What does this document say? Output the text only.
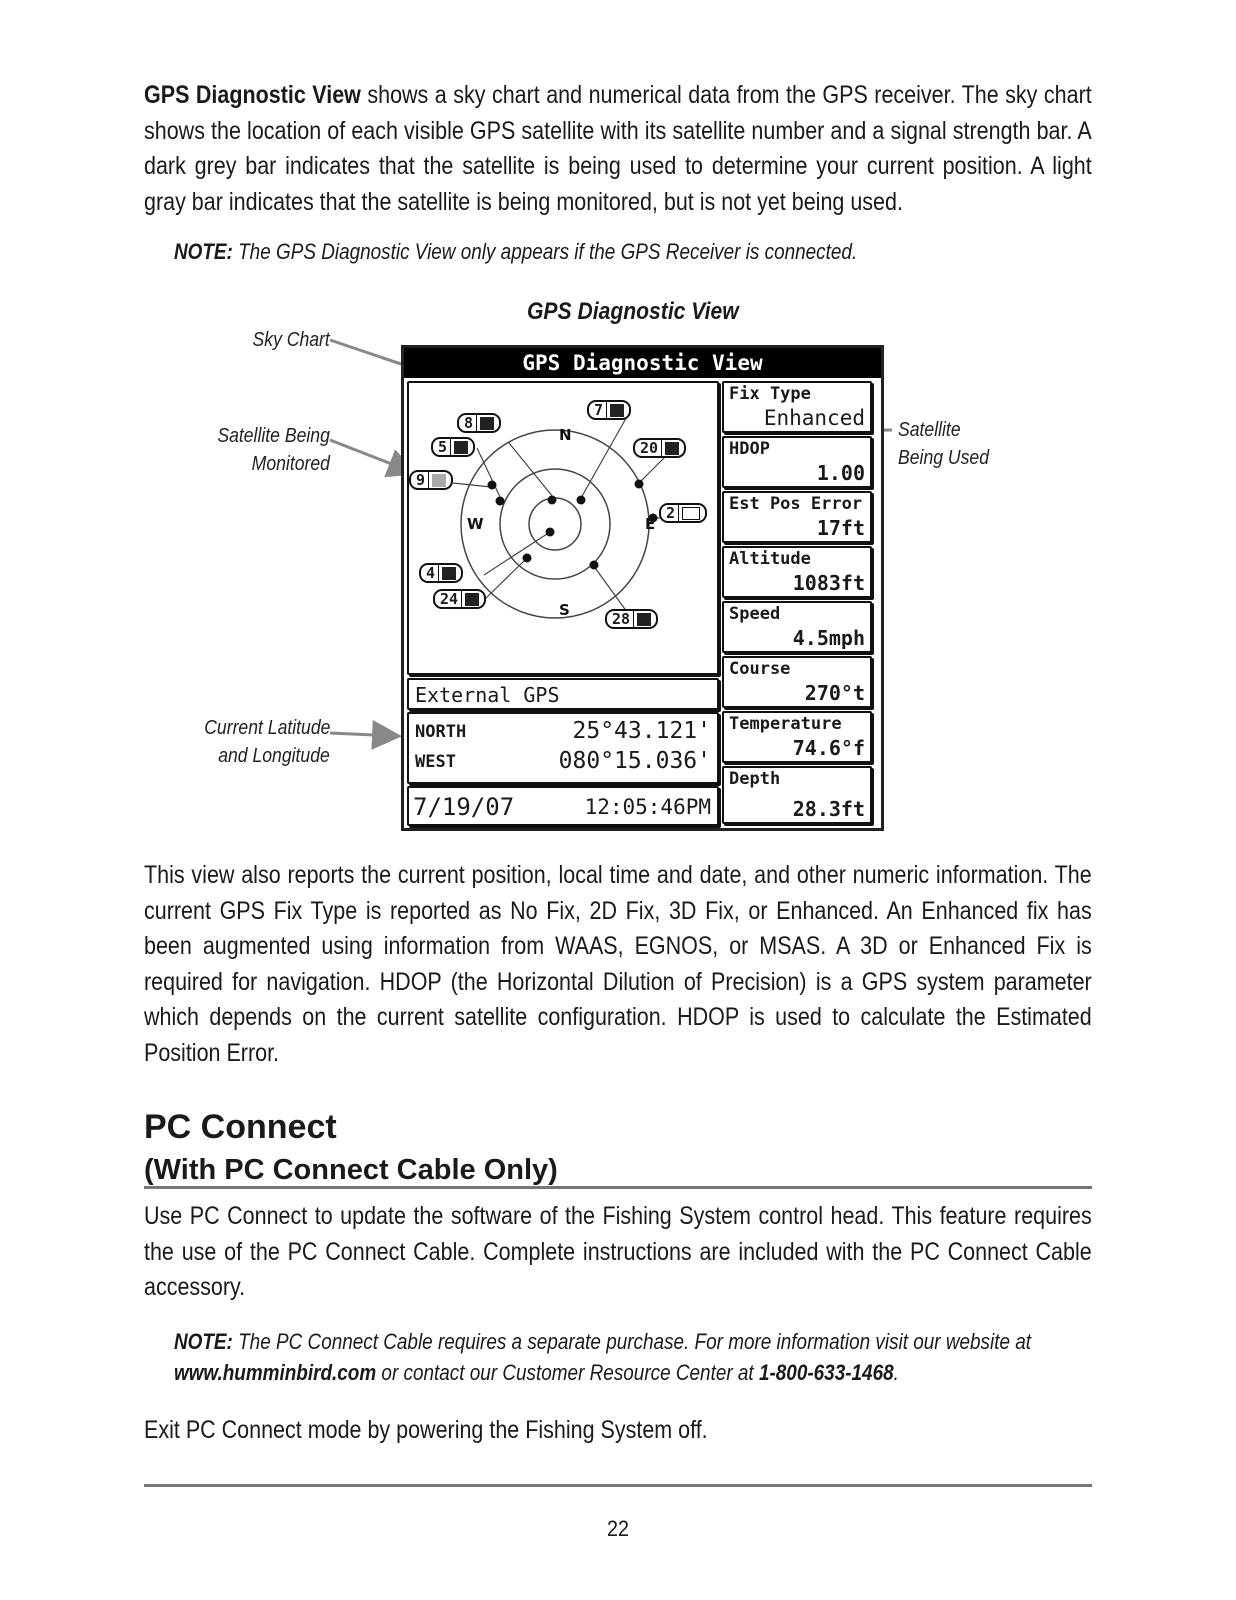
GPS Diagnostic View shows a sky chart and numerical data from the GPS receiver. The sky chart shows the location of each visible GPS satellite with its satellite number and a signal strength bar. A dark grey bar indicates that the satellite is being used to determine your current position. A light gray bar indicates that the satellite is being monitored, but is not yet being used.
NOTE: The GPS Diagnostic View only appears if the GPS Receiver is connected.
GPS Diagnostic View
Sky Chart
Satellite Being
Monitored
Satellite
Being Used
Current Latitude
and Longitude
GPS Diagnostic View
N
S
W	E
8
7
5	20
9
2
4
24
28
External GPS
NORTH	25°43.121'
WEST	080°15.036'
7/19/07	12:05:46PM
Fix Type
Enhanced
HDOP
1.00
Est Pos Error
17ft
Altitude
1083ft
Speed
4.5mph
Course
270°t
Temperature
74.6°f
Depth
28.3ft
This view also reports the current position, local time and date, and other numeric information. The current GPS Fix Type is reported as No Fix, 2D Fix, 3D Fix, or Enhanced. An Enhanced fix has been augmented using information from WAAS, EGNOS, or MSAS. A 3D or Enhanced Fix is required for navigation. HDOP (the Horizontal Dilution of Precision) is a GPS system parameter which depends on the current satellite configuration. HDOP is used to calculate the Estimated Position Error.
PC Connect
(With PC Connect Cable Only)
Use PC Connect to update the software of the Fishing System control head. This feature requires the use of the PC Connect Cable. Complete instructions are included with the PC Connect Cable accessory.
NOTE: The PC Connect Cable requires a separate purchase. For more information visit our website at
www.humminbird.com or contact our Customer Resource Center at 1-800-633-1468.
Exit PC Connect mode by powering the Fishing System off.
22
